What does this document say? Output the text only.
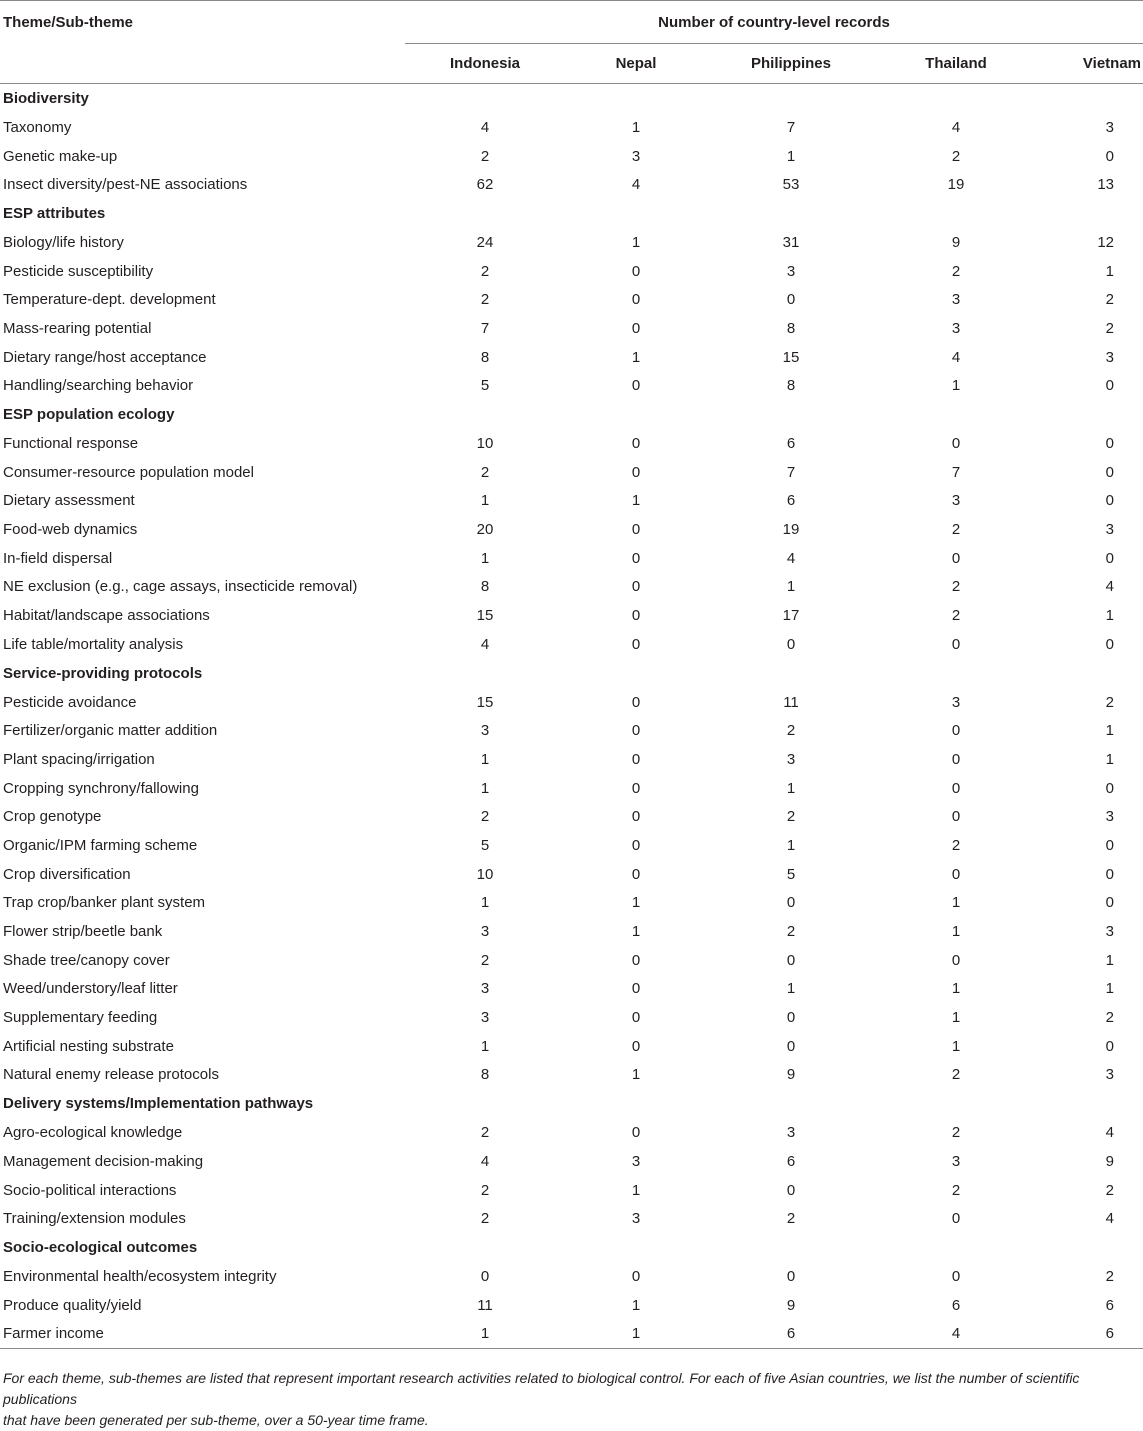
Theme/Sub-theme	Number of country-level records				
	Indonesia	Nepal	Philippines	Thailand	Vietnam
Biodiversity					
Taxonomy	4	1	7	4	3
Genetic make-up	2	3	1	2	0
Insect diversity/pest-NE associations	62	4	53	19	13
ESP attributes					
Biology/life history	24	1	31	9	12
Pesticide susceptibility	2	0	3	2	1
Temperature-dept. development	2	0	0	3	2
Mass-rearing potential	7	0	8	3	2
Dietary range/host acceptance	8	1	15	4	3
Handling/searching behavior	5	0	8	1	0
ESP population ecology					
Functional response	10	0	6	0	0
Consumer-resource population model	2	0	7	7	0
Dietary assessment	1	1	6	3	0
Food-web dynamics	20	0	19	2	3
In-field dispersal	1	0	4	0	0
NE exclusion (e.g., cage assays, insecticide removal)	8	0	1	2	4
Habitat/landscape associations	15	0	17	2	1
Life table/mortality analysis	4	0	0	0	0
Service-providing protocols					
Pesticide avoidance	15	0	11	3	2
Fertilizer/organic matter addition	3	0	2	0	1
Plant spacing/irrigation	1	0	3	0	1
Cropping synchrony/fallowing	1	0	1	0	0
Crop genotype	2	0	2	0	3
Organic/IPM farming scheme	5	0	1	2	0
Crop diversification	10	0	5	0	0
Trap crop/banker plant system	1	1	0	1	0
Flower strip/beetle bank	3	1	2	1	3
Shade tree/canopy cover	2	0	0	0	1
Weed/understory/leaf litter	3	0	1	1	1
Supplementary feeding	3	0	0	1	2
Artificial nesting substrate	1	0	0	1	0
Natural enemy release protocols	8	1	9	2	3
Delivery systems/Implementation pathways					
Agro-ecological knowledge	2	0	3	2	4
Management decision-making	4	3	6	3	9
Socio-political interactions	2	1	0	2	2
Training/extension modules	2	3	2	0	4
Socio-ecological outcomes					
Environmental health/ecosystem integrity	0	0	0	0	2
Produce quality/yield	11	1	9	6	6
Farmer income	1	1	6	4	6
For each theme, sub-themes are listed that represent important research activities related to biological control. For each of five Asian countries, we list the number of scientific publications
that have been generated per sub-theme, over a 50-year time frame.
